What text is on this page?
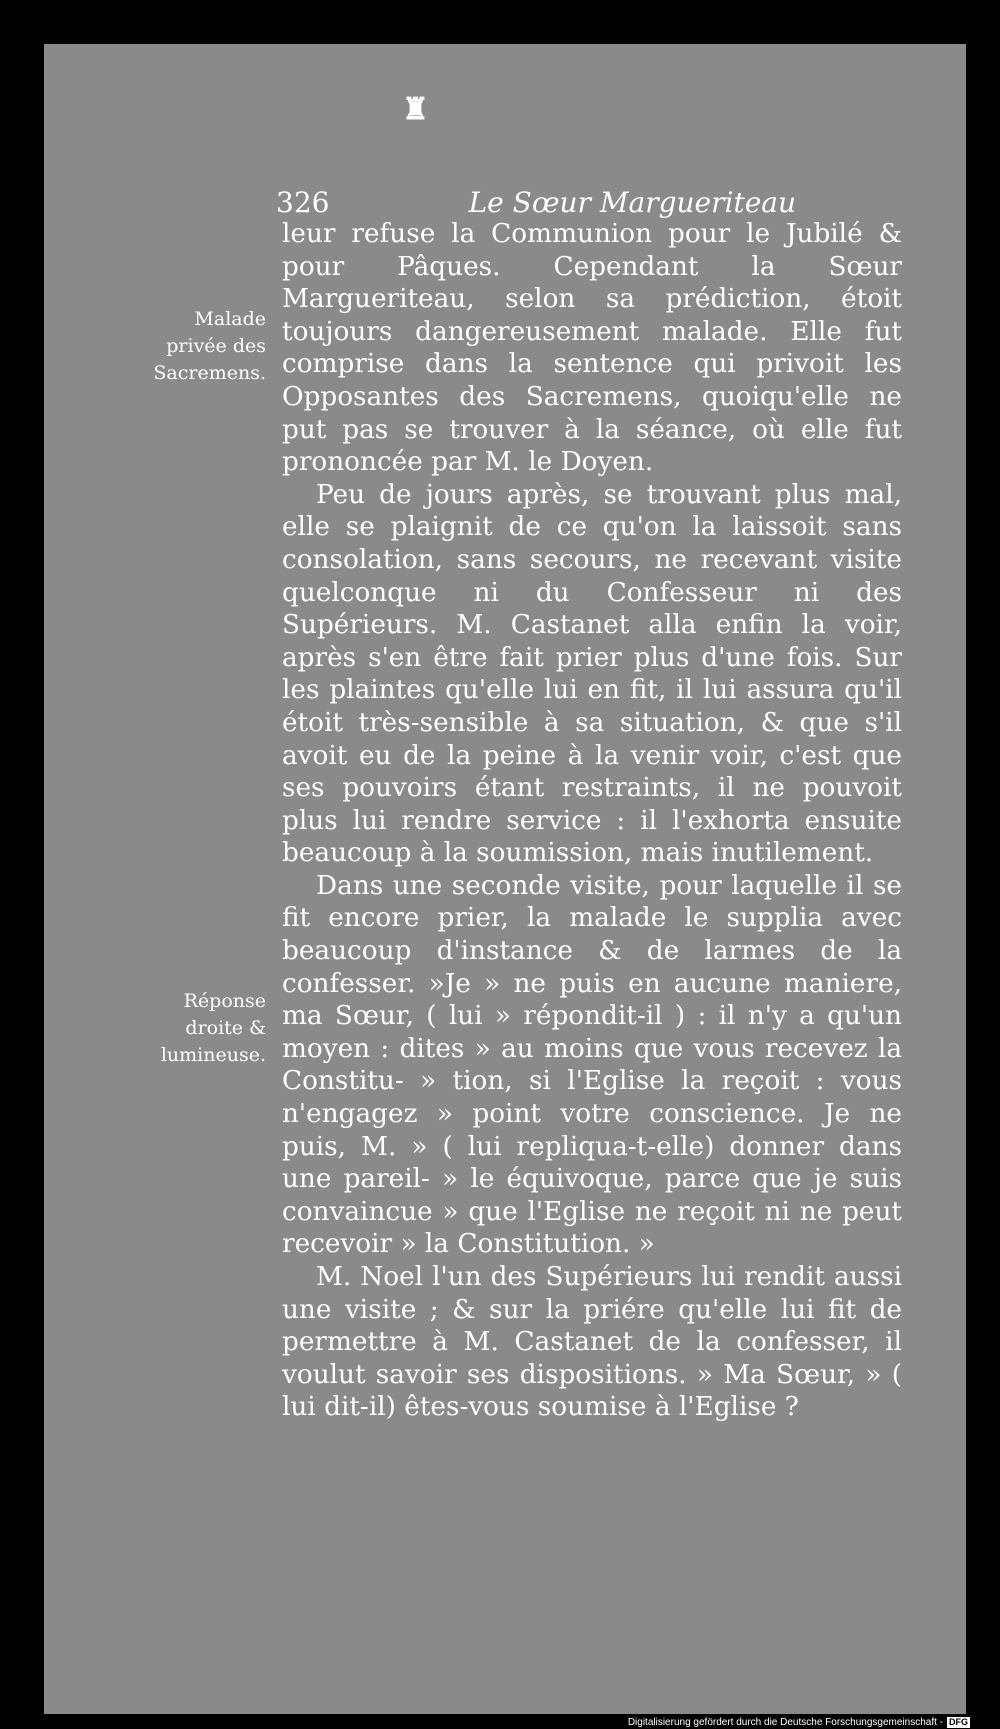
♜
326	Le Sœur Margueriteau
Malade privée des Sacremens.
Réponse droite & lumineuse.

leur refuse la Communion pour le Jubilé & pour Pâques. Cependant la Sœur Margueriteau, selon sa prédiction, étoit toujours dangereusement malade. Elle fut comprise dans la sentence qui privoit les Opposantes des Sacremens, quoiqu'elle ne put pas se trouver à la séance, où elle fut prononcée par M. le Doyen.

Peu de jours après, se trouvant plus mal, elle se plaignit de ce qu'on la laissoit sans consolation, sans secours, ne recevant visite quelconque ni du Confesseur ni des Supérieurs. M. Castanet alla enfin la voir, après s'en être fait prier plus d'une fois. Sur les plaintes qu'elle lui en fit, il lui assura qu'il étoit très-sensible à sa situation, & que s'il avoit eu de la peine à la venir voir, c'est que ses pouvoirs étant restraints, il ne pouvoit plus lui rendre service : il l'exhorta ensuite beaucoup à la soumission, mais inutilement.

Dans une seconde visite, pour laquelle il se fit encore prier, la malade le supplia avec beaucoup d'instance & de larmes de la confesser. »Je » ne puis en aucune maniere, ma Sœur, ( lui » répondit-il ) : il n'y a qu'un moyen : dites » au moins que vous recevez la Constitu- » tion, si l'Eglise la reçoit : vous n'engagez » point votre conscience. Je ne puis, M. » ( lui repliqua-t-elle) donner dans une pareil- » le équivoque, parce que je suis convaincue » que l'Eglise ne reçoit ni ne peut recevoir » la Constitution. »

M. Noel l'un des Supérieurs lui rendit aussi une visite ; & sur la priére qu'elle lui fit de permettre à M. Castanet de la confesser, il voulut savoir ses dispositions. » Ma Sœur, » ( lui dit-il) êtes-vous soumise à l'Eglise ?

Digitalisierung gefördert durch die Deutsche Forschungsgemeinschaft - DFG
